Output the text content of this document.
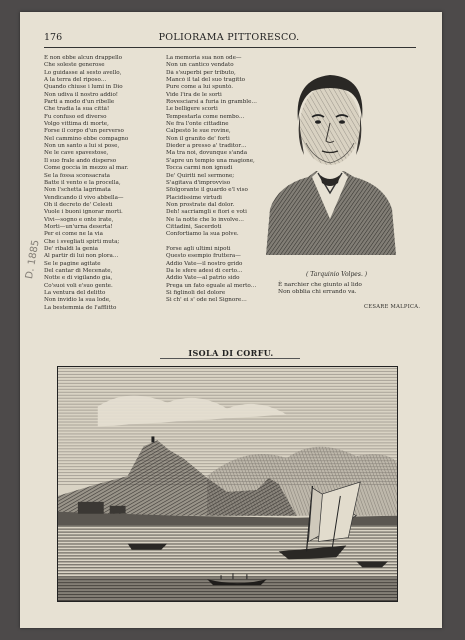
176	POLIORAMA PITTORESCO.
E non ebbe alcun drappello
Che soleste generose
Lo guidasse al sesto avello,
A la terra del riposo…
Quando chiuse i lumi in Dio
Non udiva il nostro addio!
Parti a modo d'un ribelle
Che tradia la sua città!
Fu confuso ed diverso
Volgo vittima di morte,
Forse il corpo d'un perverso
Nel cammino ebbe compagno
Non un santo a lui si pose,
Ne le cave spavestose,
Il suo frale andò disperso
Come goccia in mezzo al mar.
Se la fossa sconsacrata
Batte il vento e la procella,
Non l'schetta lagrimata
Vendicando il vivo abbella—
Oh il decreto de' Celesti
Vuole i buoni ignorar morti.
Vivi—sogno e onte irate,
Morti—un'urna deserta!
Per ei come ne la via
Che i svegliati spirti muta;
De' ribaldi la genia
Al partir di lui non plora…
Se le pagine agitate
Del cantar di Mecenate,
Notte e di vigilando gia,
Co'suoi voli e'suo gente.
La ventura del delitto
Non invidio la sua lode,
La bestemmia de l'afflitto
La memoria sua non ode—
Non un cantico vendato
Dà s'superbi per tributo,
Mancò il tal del suo tragitto
Pure come a lui spuntò.
Vide l'ira de le sorti
Rovesciarsi a furia in gramble…
Le belligere scorti
Tempestarla come nembo…
Ne fra l'onte cittadine
Calpestò le sue rovine,
Non il granito de' forti
Dieder a presso a' traditor…
Ma tra noi, dovunque s'anda
S'apre un tempio una magione,
Tocca carmi non ignudi
De' Quiriti nel sermone;
S'agitava d'improvviso
Sfolgorante il guardo e'l viso
Placidissime virtudi
Non prostrate dal dolor.
Deh! sacriamgli e fiori e voti
Ne la notte che lo involve…
Cittadini, Sacerdoti
Confortiamo la sua polve.
Forse agli ultimi nipoti
Questo esempio fruttera—
Addio Vate—il nostro grido
Da le sfere adesi di certo…
Addio Vate—al patrio sido
Prega un fato eguale al merto…
Si figlinoli del dolore
Si ch' ei s' ode nel Signore…
( Tarquinio Volpes. )
È narchier che giunto al lido
Non obblia chi errando va.
CESARE MALPICA.
D. 1885
ISOLA DI CORFU.
